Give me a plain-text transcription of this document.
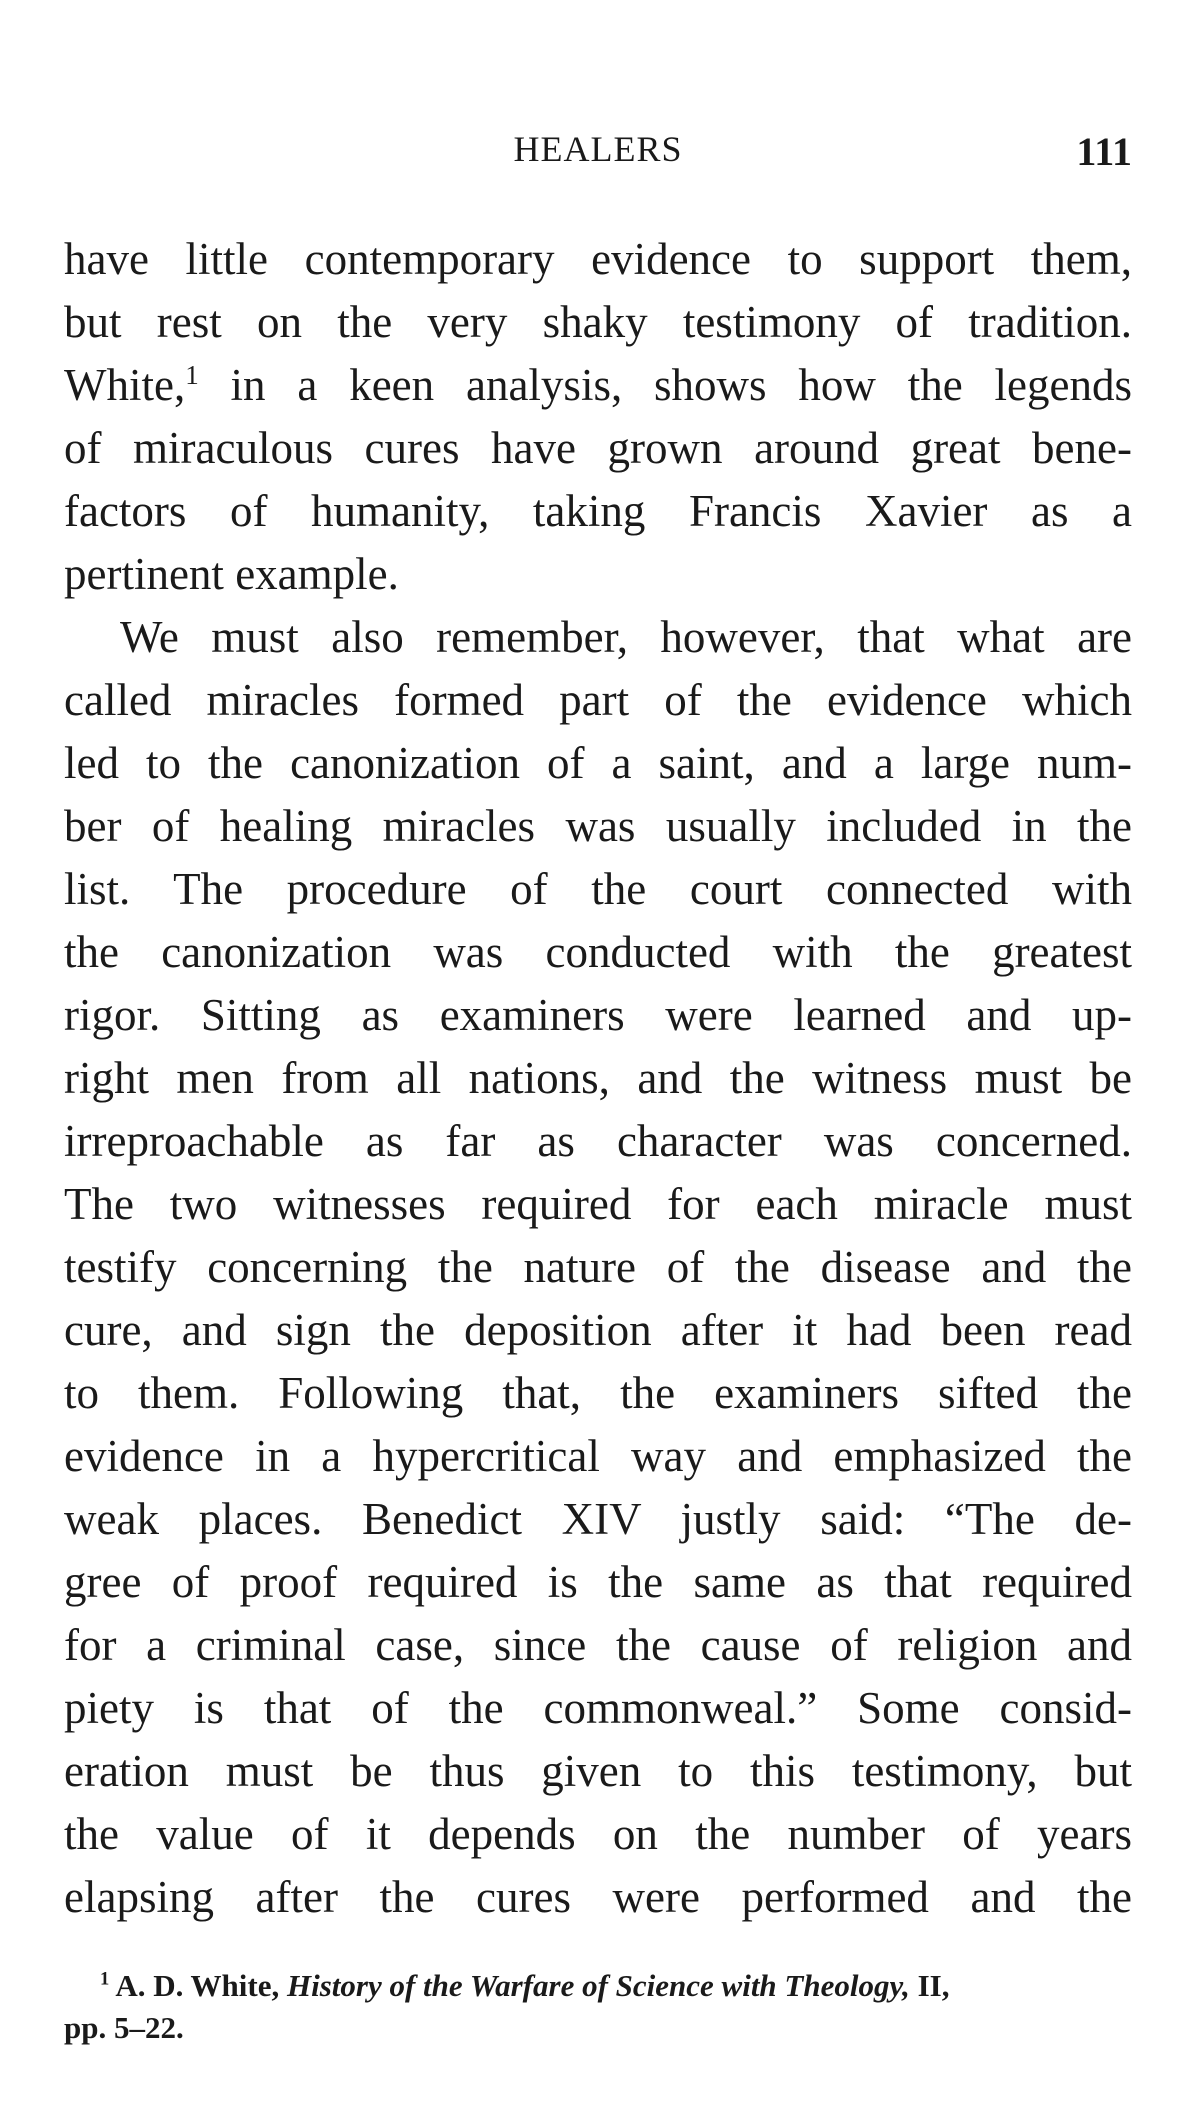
HEALERS	111
have little contemporary evidence to support them,
but rest on the very shaky testimony of tradition.
White,$^1$ in a keen analysis, shows how the legends
of miraculous cures have grown around great bene-
factors of humanity, taking Francis Xavier as a
pertinent example.
We must also remember, however, that what are
called miracles formed part of the evidence which
led to the canonization of a saint, and a large num-
ber of healing miracles was usually included in the
list. The procedure of the court connected with
the canonization was conducted with the greatest
rigor. Sitting as examiners were learned and up-
right men from all nations, and the witness must be
irreproachable as far as character was concerned.
The two witnesses required for each miracle must
testify concerning the nature of the disease and the
cure, and sign the deposition after it had been read
to them. Following that, the examiners sifted the
evidence in a hypercritical way and emphasized the
weak places. Benedict XIV justly said: “The de-
gree of proof required is the same as that required
for a criminal case, since the cause of religion and
piety is that of the commonweal.” Some consid-
eration must be thus given to this testimony, but
the value of it depends on the number of years
elapsing after the cures were performed and the
$^1$ A. D. White, History of the Warfare of Science with Theology, II,
pp. 5–22.
